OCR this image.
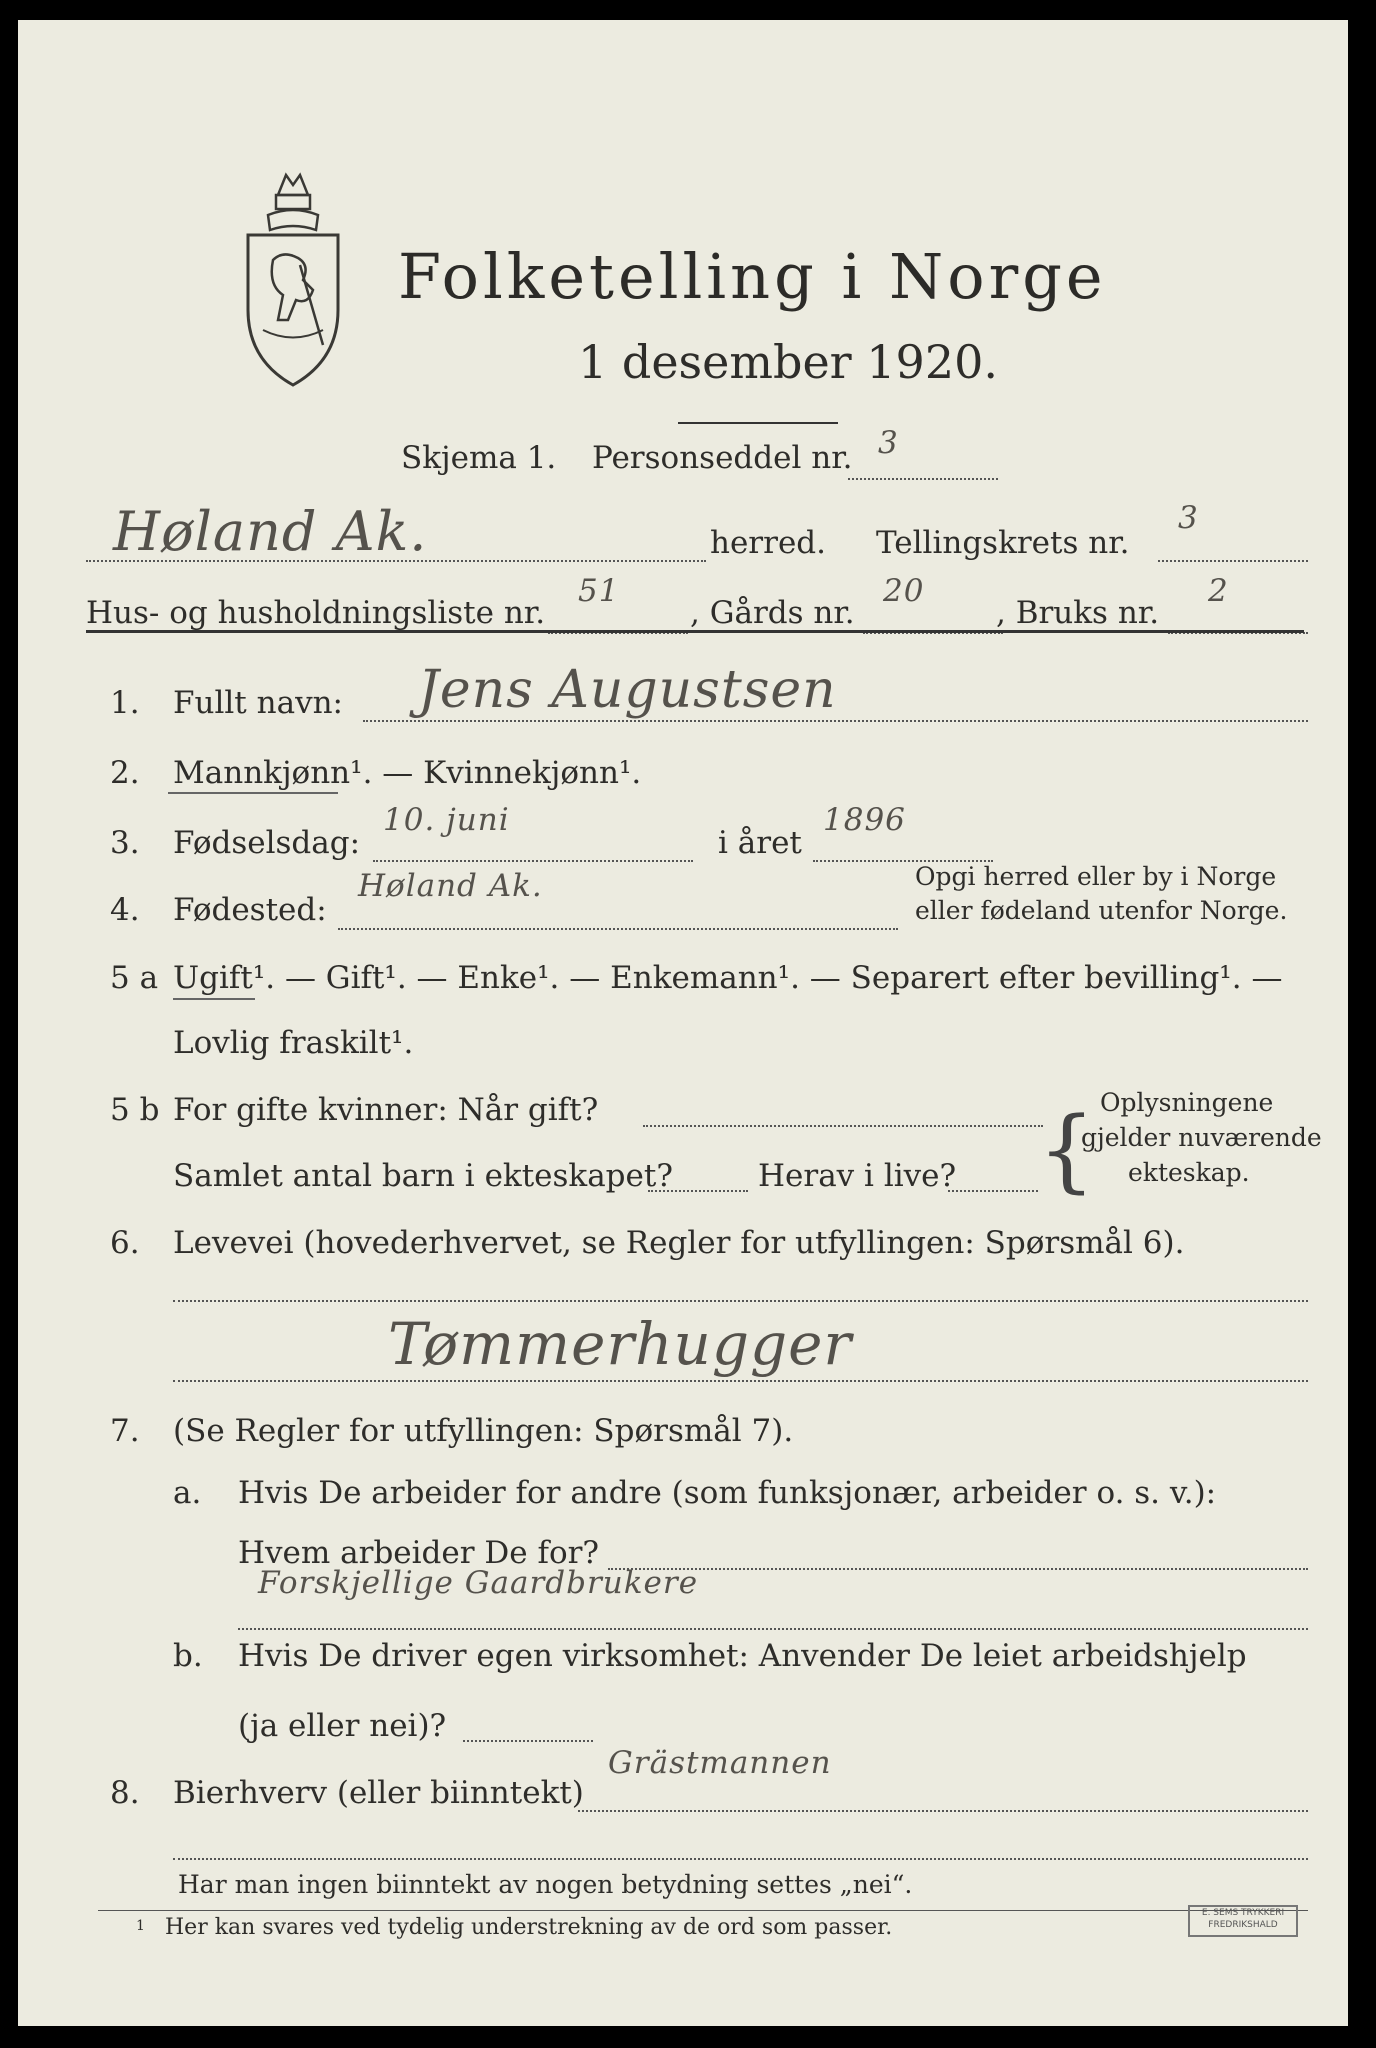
Folketelling i Norge
1 desember 1920.
Skjema 1. Personseddel nr. 3
Høland Ak.	herred. Tellingskrets nr.
3
Hus- og husholdningsliste nr.
51
, Gårds nr.
20
, Bruks nr.
2
1. Fullt navn: Jens Augustsen
2. Mannkjønn¹. — Kvinnekjønn¹.
3. Fødselsdag:
10. juni
i året
1896
4. Fødested:
Høland Ak.	Opgi herred eller by i Norge
eller fødeland utenfor Norge.
5 a Ugift¹. — Gift¹. — Enke¹. — Enkemann¹. — Separert efter bevilling¹. —
Lovlig fraskilt¹.
5 b For gifte kvinner: Når gift?
Samlet antal barn i ekteskapet?	Herav i live? { Oplysningene
gjelder nuværende
ekteskap.
6. Levevei (hovederhvervet, se Regler for utfyllingen: Spørsmål 6).
Tømmerhugger
7. (Se Regler for utfyllingen: Spørsmål 7).
a. Hvis De arbeider for andre (som funksjonær, arbeider o. s. v.):
Hvem arbeider De for?
Forskjellige Gaardbrukere
b. Hvis De driver egen virksomhet: Anvender De leiet arbeidshjelp
(ja eller nei)?
8. Bierhverv (eller biinntekt)
Grästmannen
Har man ingen biinntekt av nogen betydning settes „nei“.
1 Her kan svares ved tydelig understrekning av de ord som passer.
E. SEMS TRYKKERI
FREDRIKSHALD
